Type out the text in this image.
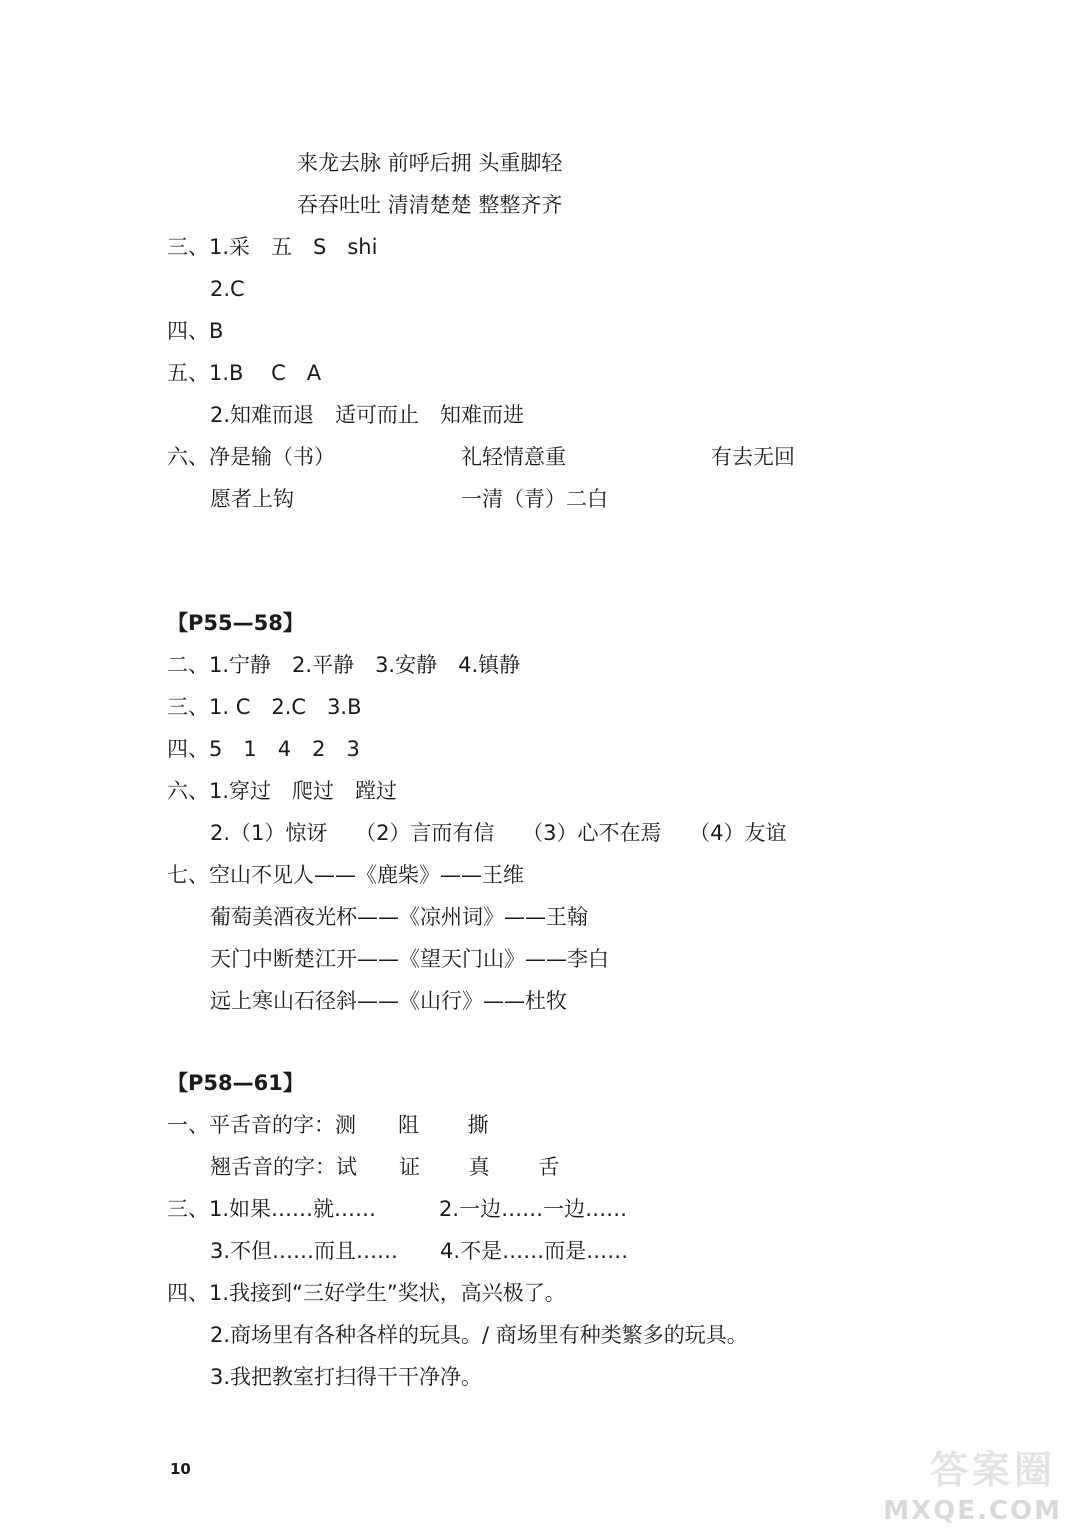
来龙去脉 前呼后拥 头重脚轻
吞吞吐吐 清清楚楚 整整齐齐
三、1.采　五　S　shi
2.C
四、B
五、1.B　 C　A
2.知难而退　适可而止　知难而进
六、净是输（书）	礼轻情意重	有去无回
愿者上钩	一清（青）二白
【P55—58】
二、1.宁静　2.平静　3.安静　4.镇静
三、1. C　2.C　3.B
四、5　1　4　2　3
六、1.穿过　爬过　蹚过
2.（1）惊讶　 （2）言而有信　 （3）心不在焉　 （4）友谊
七、空山不见人——《鹿柴》——王维
葡萄美酒夜光杯——《凉州词》——王翰
天门中断楚江开——《望天门山》——李白
远上寒山石径斜——《山行》——杜牧
【P58—61】
一、平舌音的字：测　　阻　　 撕
翘舌音的字：试　　证　　 真　　 舌
三、1.如果……就……　　　2.一边……一边……
3.不但……而且……　　4.不是……而是……
四、1.我接到“三好学生”奖状，高兴极了。
2.商场里有各种各样的玩具。/ 商场里有种类繁多的玩具。
3.我把教室打扫得干干净净。
10	答案圈
MXQE.COM
